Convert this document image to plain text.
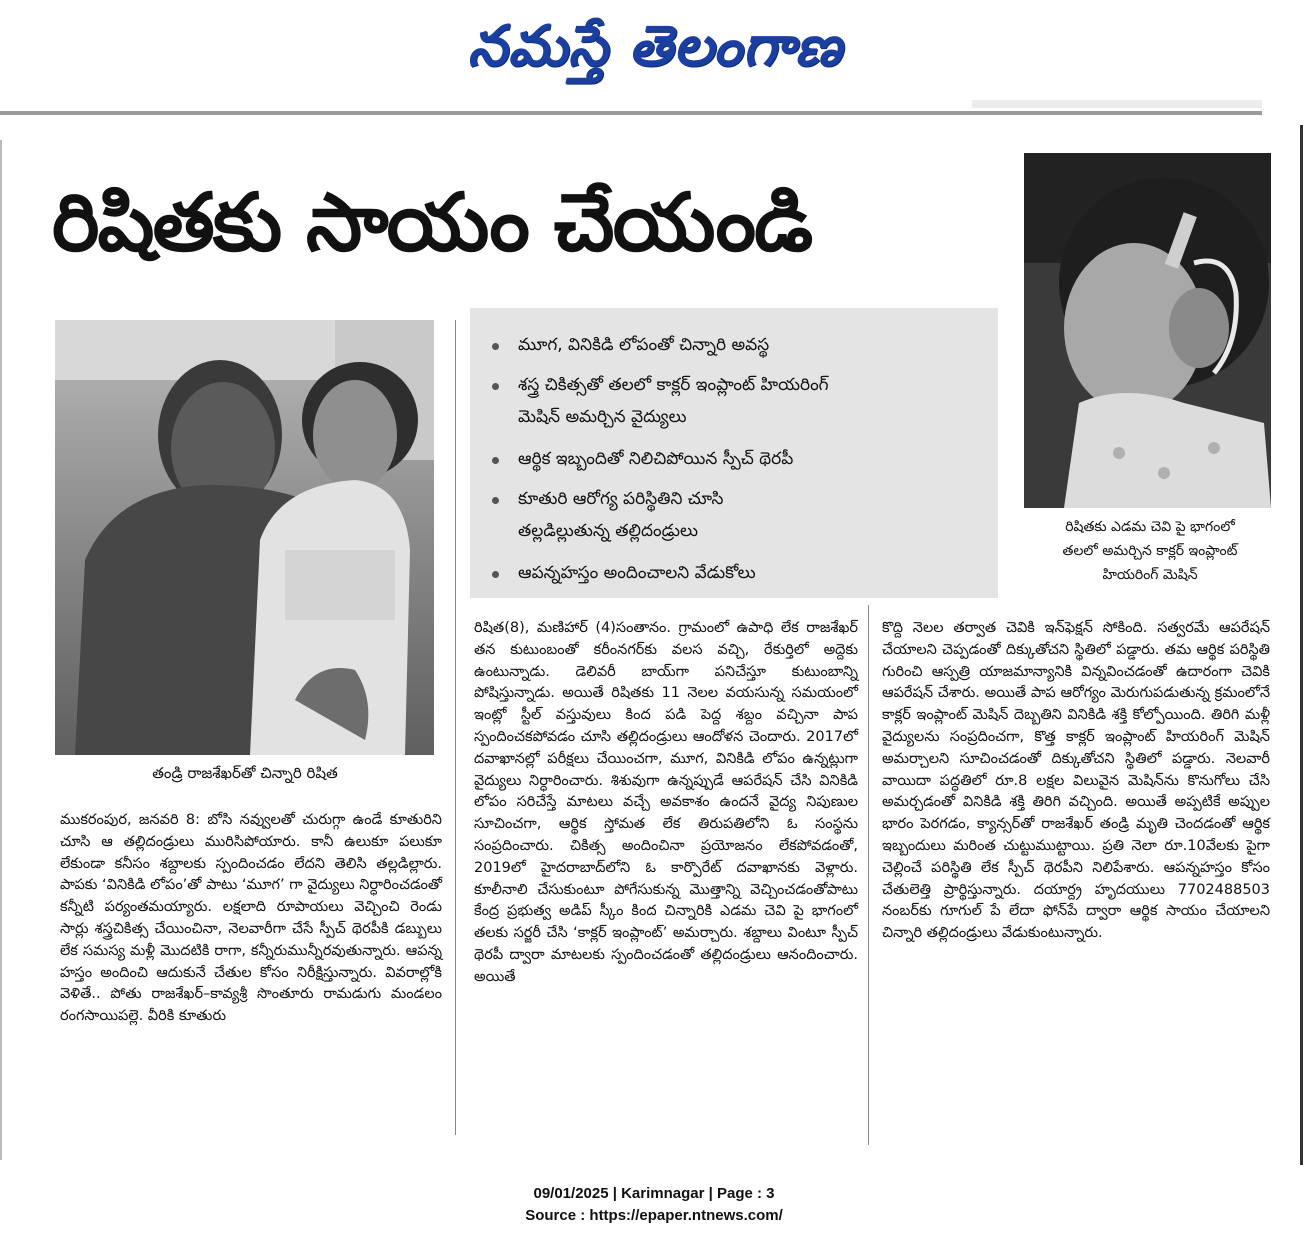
నమస్తే తెలంగాణ
రిషితకు సాయం చేయండి
తండ్రి రాజశేఖర్‌తో చిన్నారి రిషిత
రిషితకు ఎడమ చెవి పై భాగంలో
తలలో అమర్చిన కాక్లర్ ఇంప్లాంట్
హియరింగ్ మెషిన్
మూగ, వినికిడి లోపంతో చిన్నారి అవస్థ
శస్త్ర చికిత్సతో తలలో కాక్లర్ ఇంప్లాంట్ హియరింగ్
మెషిన్ అమర్చిన వైద్యులు
ఆర్థిక ఇబ్బందితో నిలిచిపోయిన స్పీచ్ థెరపీ
కూతురి ఆరోగ్య పరిస్థితిని చూసి
తల్లడిల్లుతున్న తల్లిదండ్రులు
ఆపన్నహస్తం అందించాలని వేడుకోలు

ముకరంపుర, జనవరి 8: బోసి నవ్వులతో చురుగ్గా ఉండే కూతురిని చూసి ఆ తల్లిదండ్రులు మురిసిపోయారు. కానీ ఉలుకూ పలుకూ లేకుండా కనీసం శబ్దాలకు స్పందించడం లేదని తెలిసి తల్లడిల్లారు. పాపకు ‘వినికిడి లోపం’తో పాటు ‘మూగ’ గా వైద్యులు నిర్ధారించడంతో కన్నీటి పర్యంతమయ్యారు. లక్షలాది రూపాయలు వెచ్చించి రెండు సార్లు శస్త్రచికిత్స చేయించినా, నెలవారీగా చేసే స్పీచ్ థెరపీకి డబ్బులు లేక సమస్య మళ్లీ మొదటికి రాగా, కన్నీరుమున్నీరవుతున్నారు. ఆపన్న హస్తం అందించి ఆదుకునే చేతుల కోసం నిరీక్షిస్తున్నారు. వివరాల్లోకి వెళితే.. పోతు రాజశేఖర్–కావ్యశ్రీ సొంతూరు రామడుగు మండలం రంగసాయిపల్లె. వీరికి కూతురు

రిషిత(8), మణిహార్ (4)సంతానం. గ్రామంలో ఉపాధి లేక రాజశేఖర్ తన కుటుంబంతో కరీంనగర్‌కు వలస వచ్చి, రేకుర్తిలో అద్దెకు ఉంటున్నాడు. డెలివరీ బాయ్‌గా పనిచేస్తూ కుటుంబాన్ని పోషిస్తున్నాడు. అయితే రిషితకు 11 నెలల వయసున్న సమయంలో ఇంట్లో స్టీల్ వస్తువులు కింద పడి పెద్ద శబ్దం వచ్చినా పాప స్పందించకపోవడం చూసి తల్లిదండ్రులు ఆందోళన చెందారు. 2017లో దవాఖానల్లో పరీక్షలు చేయించగా, మూగ, వినికిడి లోపం ఉన్నట్లుగా వైద్యులు నిర్ధారించారు. శిశువుగా ఉన్నప్పుడే ఆపరేషన్ చేసి వినికిడి లోపం సరిచేస్తే మాటలు వచ్చే అవకాశం ఉందనే వైద్య నిపుణుల సూచించగా, ఆర్థిక స్తోమత లేక తిరుపతిలోని ఓ సంస్థను సంప్రదించారు. చికిత్స అందించినా ప్రయోజనం లేకపోవడంతో, 2019లో హైదరాబాద్‌లోని ఓ కార్పొరేట్ దవాఖానకు వెళ్లారు. కూలీనాలి చేసుకుంటూ పోగేసుకున్న మొత్తాన్ని వెచ్చించడంతోపాటు కేంద్ర ప్రభుత్వ అడిప్ స్కీం కింద చిన్నారికి ఎడమ చెవి పై భాగంలో తలకు సర్జరీ చేసి ‘కాక్లర్ ఇంప్లాంట్’ అమర్చారు. శబ్దాలు వింటూ స్పీచ్ థెరపీ ద్వారా మాటలకు స్పందించడంతో తల్లిదండ్రులు ఆనందించారు. అయితే

కొద్ది నెలల తర్వాత చెవికి ఇన్‌ఫెక్షన్ సోకింది. సత్వరమే ఆపరేషన్ చేయాలని చెప్పడంతో దిక్కుతోచని స్థితిలో పడ్డారు. తమ ఆర్థిక పరిస్థితి గురించి ఆస్పత్రి యాజమాన్యానికి విన్నవించడంతో ఉదారంగా చెవికి ఆపరేషన్ చేశారు. అయితే పాప ఆరోగ్యం మెరుగుపడుతున్న క్రమంలోనే కాక్లర్ ఇంప్లాంట్ మెషిన్ దెబ్బతిని వినికిడి శక్తి కోల్పోయింది. తిరిగి మళ్లీ వైద్యులను సంప్రదించగా, కొత్త కాక్లర్ ఇంప్లాంట్ హియరింగ్ మెషిన్ అమర్చాలని సూచించడంతో దిక్కుతోచని స్థితిలో పడ్డారు. నెలవారీ వాయిదా పద్ధతిలో రూ.8 లక్షల విలువైన మెషిన్‌ను కొనుగోలు చేసి అమర్చడంతో వినికిడి శక్తి తిరిగి వచ్చింది. అయితే అప్పటికే అప్పుల భారం పెరగడం, క్యాన్సర్‌తో రాజశేఖర్ తండ్రి మృతి చెందడంతో ఆర్థిక ఇబ్బందులు మరింత చుట్టుముట్టాయి. ప్రతి నెలా రూ.10వేలకు పైగా చెల్లించే పరిస్థితి లేక స్పీచ్ థెరపీని నిలిపేశారు. ఆపన్నహస్తం కోసం చేతులెత్తి ప్రార్థిస్తున్నారు. దయార్ద్ర హృదయులు 7702488503 నంబర్‌కు గూగుల్ పే లేదా ఫోన్‌పే ద్వారా ఆర్థిక సాయం చేయాలని చిన్నారి తల్లిదండ్రులు వేడుకుంటున్నారు.

09/01/2025 | Karimnagar | Page : 3
Source : https://epaper.ntnews.com/
